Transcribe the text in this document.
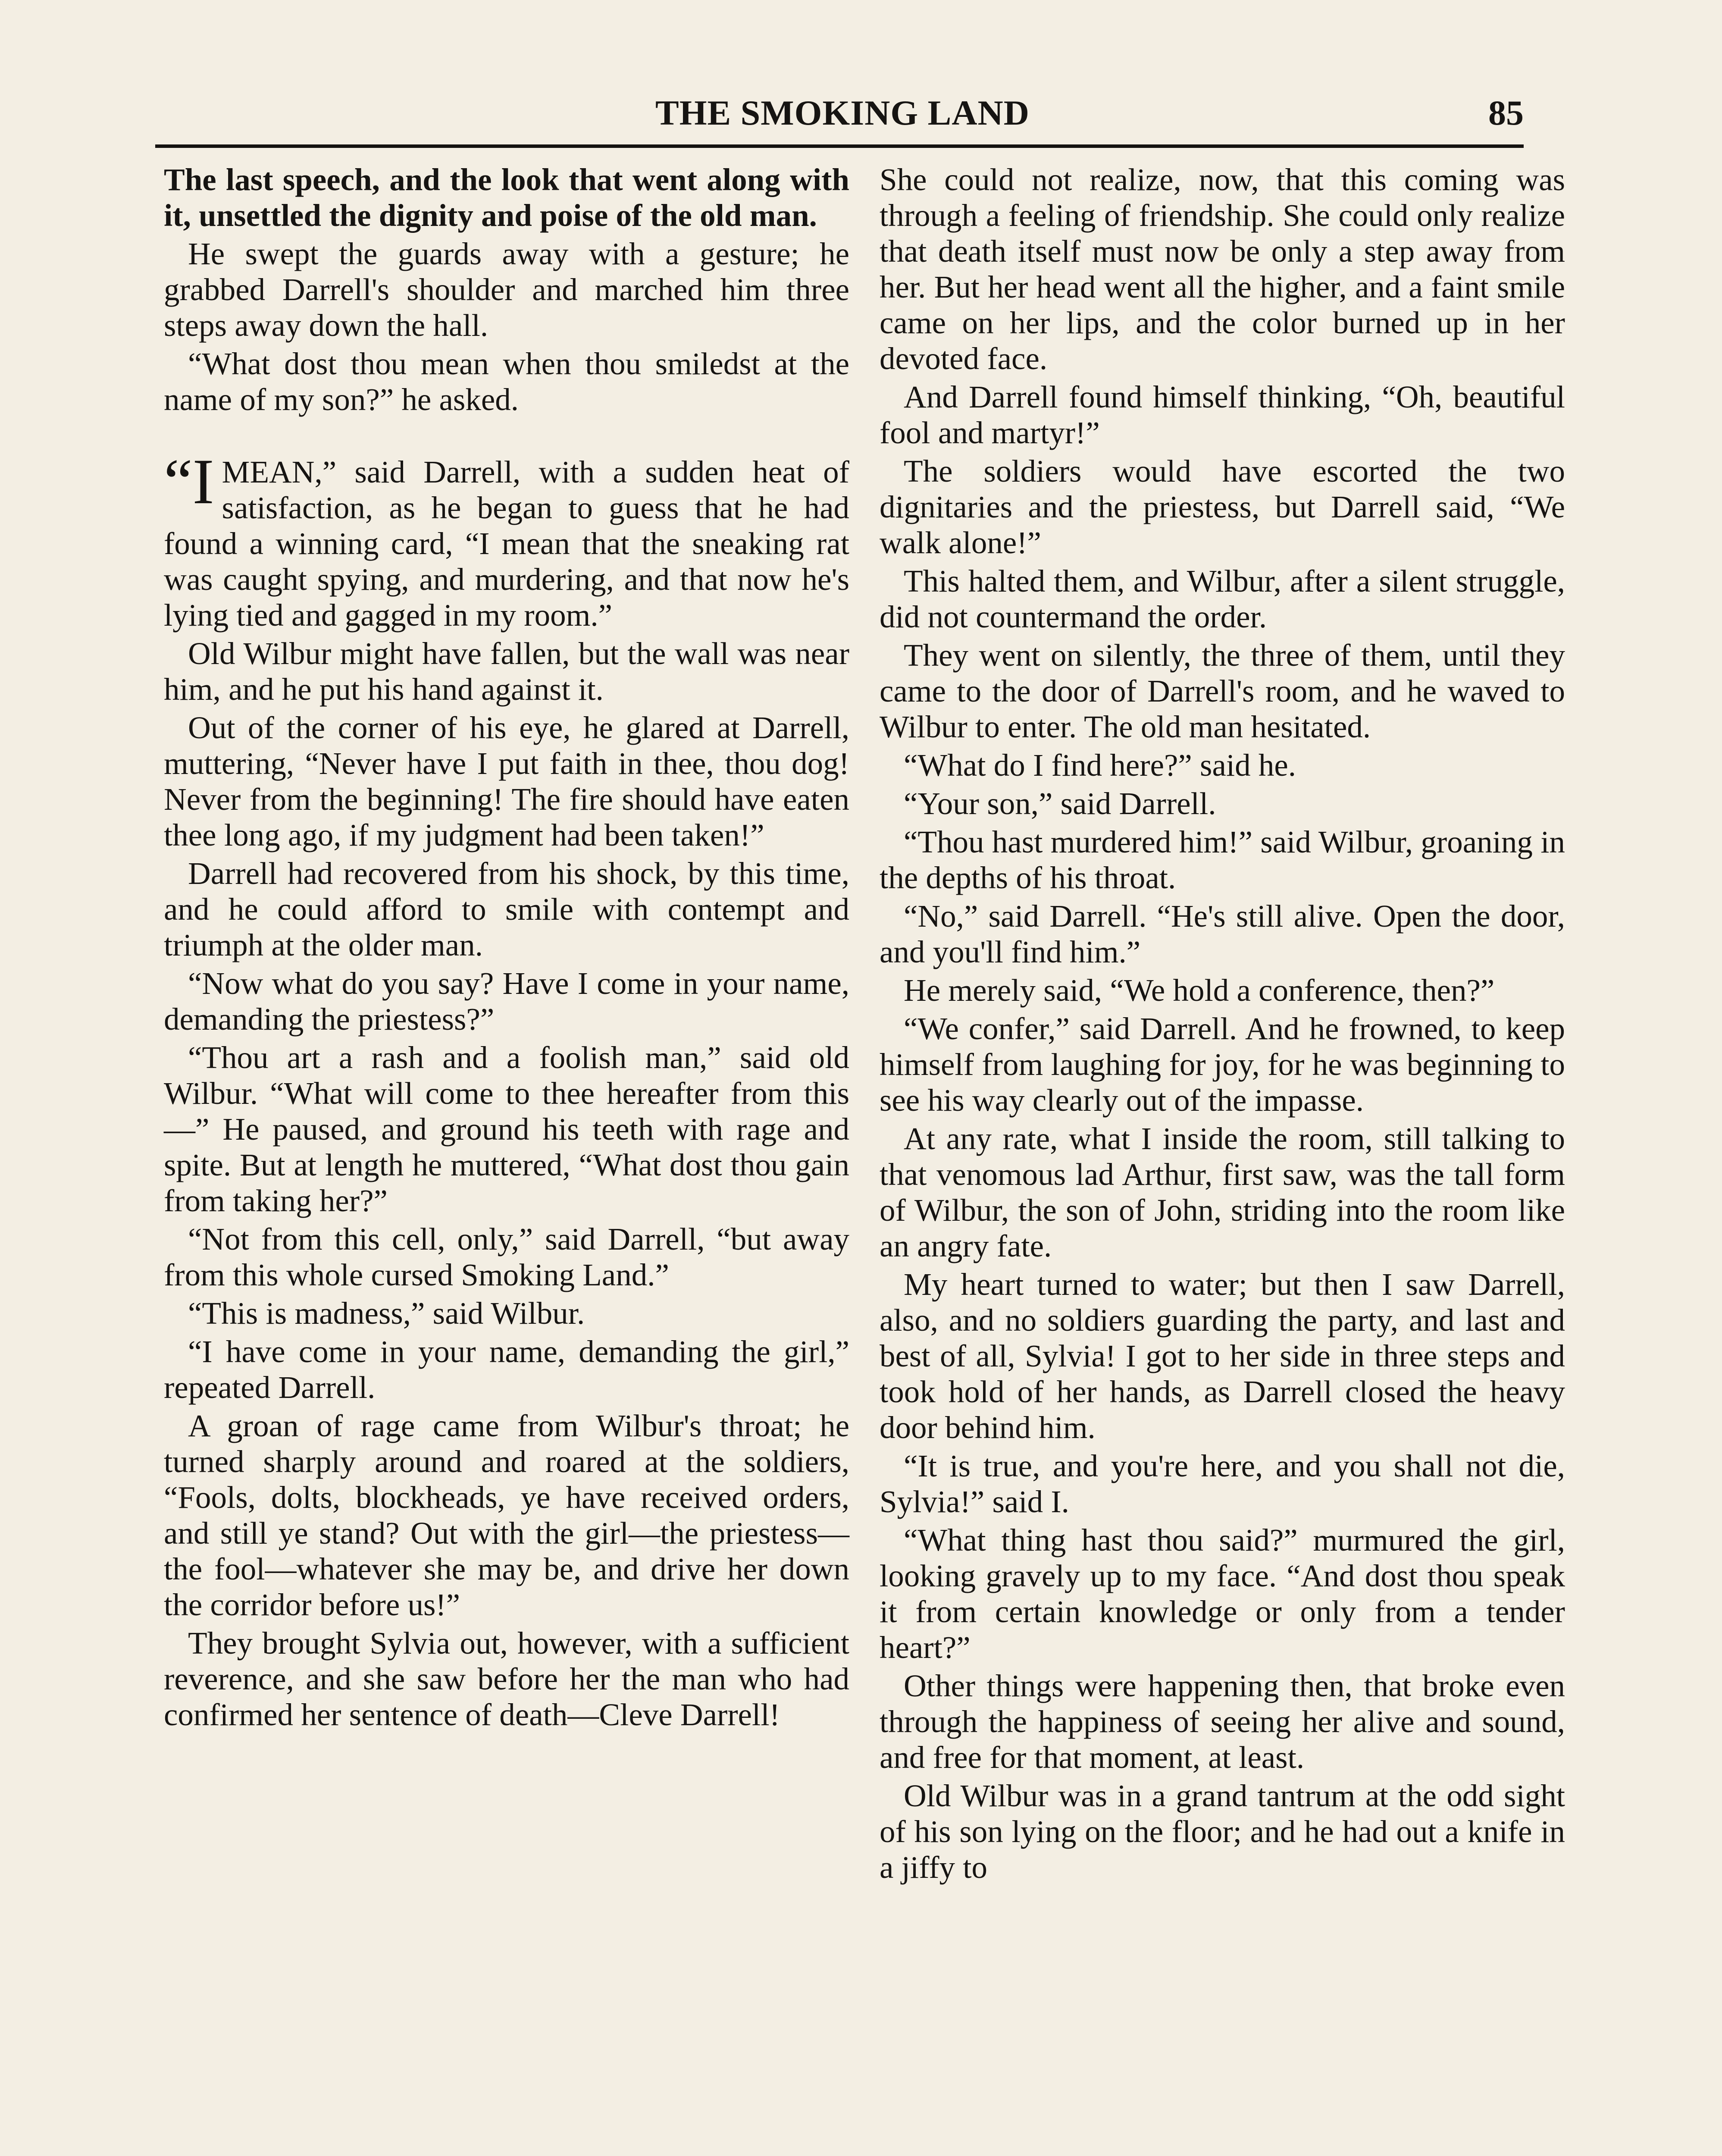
THE SMOKING LAND	85

The last speech, and the look that went along with it, unsettled the dignity and poise of the old man.

He swept the guards away with a gesture; he grabbed Darrell's shoulder and marched him three steps away down the hall.

“What dost thou mean when thou smiledst at the name of my son?” he asked.

“I MEAN,” said Darrell, with a sudden heat of satisfaction, as he began to guess that he had found a winning card, “I mean that the sneaking rat was caught spying, and murdering, and that now he's lying tied and gagged in my room.”

Old Wilbur might have fallen, but the wall was near him, and he put his hand against it.

Out of the corner of his eye, he glared at Darrell, muttering, “Never have I put faith in thee, thou dog! Never from the beginning! The fire should have eaten thee long ago, if my judgment had been taken!”

Darrell had recovered from his shock, by this time, and he could afford to smile with contempt and triumph at the older man.

“Now what do you say? Have I come in your name, demanding the priestess?”

“Thou art a rash and a foolish man,” said old Wilbur. “What will come to thee hereafter from this—” He paused, and ground his teeth with rage and spite. But at length he muttered, “What dost thou gain from taking her?”

“Not from this cell, only,” said Darrell, “but away from this whole cursed Smoking Land.”

“This is madness,” said Wilbur.

“I have come in your name, demanding the girl,” repeated Darrell.

A groan of rage came from Wilbur's throat; he turned sharply around and roared at the soldiers, “Fools, dolts, blockheads, ye have received orders, and still ye stand? Out with the girl—the priestess—the fool—whatever she may be, and drive her down the corridor before us!”

They brought Sylvia out, however, with a sufficient reverence, and she saw before her the man who had confirmed her sentence of death—Cleve Darrell!

She could not realize, now, that this coming was through a feeling of friendship. She could only realize that death itself must now be only a step away from her. But her head went all the higher, and a faint smile came on her lips, and the color burned up in her devoted face.

And Darrell found himself thinking, “Oh, beautiful fool and martyr!”

The soldiers would have escorted the two dignitaries and the priestess, but Darrell said, “We walk alone!”

This halted them, and Wilbur, after a silent struggle, did not countermand the order.

They went on silently, the three of them, until they came to the door of Darrell's room, and he waved to Wilbur to enter. The old man hesitated.

“What do I find here?” said he.

“Your son,” said Darrell.

“Thou hast murdered him!” said Wilbur, groaning in the depths of his throat.

“No,” said Darrell. “He's still alive. Open the door, and you'll find him.”

He merely said, “We hold a conference, then?”

“We confer,” said Darrell. And he frowned, to keep himself from laughing for joy, for he was beginning to see his way clearly out of the impasse.

At any rate, what I inside the room, still talking to that venomous lad Arthur, first saw, was the tall form of Wilbur, the son of John, striding into the room like an angry fate.

My heart turned to water; but then I saw Darrell, also, and no soldiers guarding the party, and last and best of all, Sylvia! I got to her side in three steps and took hold of her hands, as Darrell closed the heavy door behind him.

“It is true, and you're here, and you shall not die, Sylvia!” said I.

“What thing hast thou said?” murmured the girl, looking gravely up to my face. “And dost thou speak it from certain knowledge or only from a tender heart?”

Other things were happening then, that broke even through the happiness of seeing her alive and sound, and free for that moment, at least.

Old Wilbur was in a grand tantrum at the odd sight of his son lying on the floor; and he had out a knife in a jiffy to
